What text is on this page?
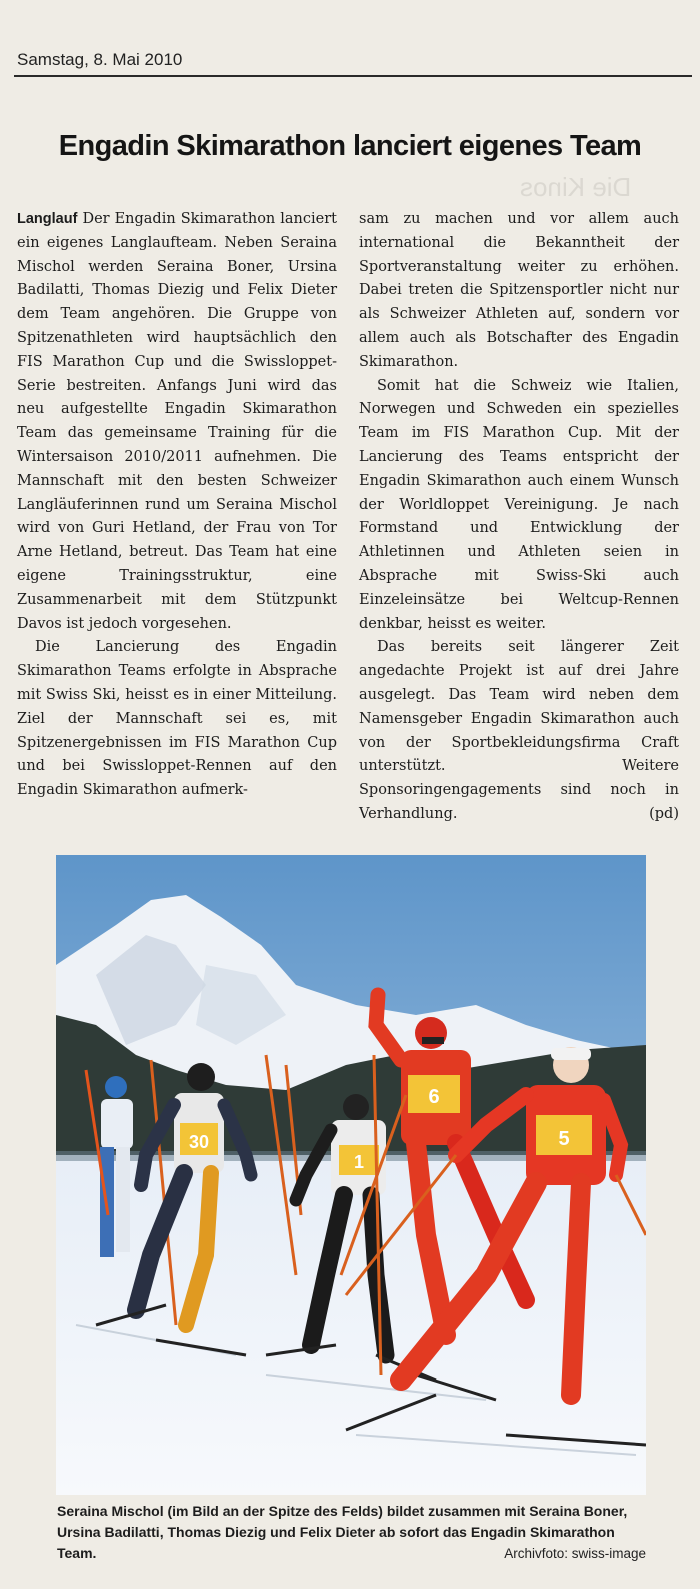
Die Kinos
Samstag, 8. Mai 2010
Engadin Skimarathon lanciert eigenes Team

Langlauf Der Engadin Skimarathon lanciert ein eigenes Langlaufteam. Neben Seraina Mischol werden Seraina Boner, Ursina Badilatti, Thomas Diezig und Felix Dieter dem Team angehören. Die Gruppe von Spitzenathleten wird hauptsächlich den FIS Marathon Cup und die Swissloppet-Serie bestreiten. Anfangs Juni wird das neu aufgestellte Engadin Skimarathon Team das gemeinsame Training für die Wintersaison 2010/2011 aufnehmen. Die Mannschaft mit den besten Schweizer Langläuferinnen rund um Seraina Mischol wird von Guri Hetland, der Frau von Tor Arne Hetland, betreut. Das Team hat eine eigene Trainingsstruktur, eine Zusammenarbeit mit dem Stützpunkt Davos ist jedoch vorgesehen.

Die Lancierung des Engadin Skimarathon Teams erfolgte in Absprache mit Swiss Ski, heisst es in einer Mitteilung. Ziel der Mannschaft sei es, mit Spitzenergebnissen im FIS Marathon Cup und bei Swissloppet-Rennen auf den Engadin Skimarathon aufmerk-

sam zu machen und vor allem auch international die Bekanntheit der Sportveranstaltung weiter zu erhöhen. Dabei treten die Spitzensportler nicht nur als Schweizer Athleten auf, sondern vor allem auch als Botschafter des Engadin Skimarathon.

Somit hat die Schweiz wie Italien, Norwegen und Schweden ein spezielles Team im FIS Marathon Cup. Mit der Lancierung des Teams entspricht der Engadin Skimarathon auch einem Wunsch der Worldloppet Vereinigung. Je nach Formstand und Entwicklung der Athletinnen und Athleten seien in Absprache mit Swiss-Ski auch Einzeleinsätze bei Weltcup-Rennen denkbar, heisst es weiter.

Das bereits seit längerer Zeit angedachte Projekt ist auf drei Jahre ausgelegt. Das Team wird neben dem Namensgeber Engadin Skimarathon auch von der Sportbekleidungsfirma Craft unterstützt. Weitere Sponsoringengagements sind noch in Verhandlung.	(pd)

30
1
6
5
Seraina Mischol (im Bild an der Spitze des Felds) bildet zusammen mit Seraina Boner, Ursina Badilatti, Thomas Diezig und Felix Dieter ab sofort das Engadin Skimarathon Team.	Archivfoto: swiss-image
